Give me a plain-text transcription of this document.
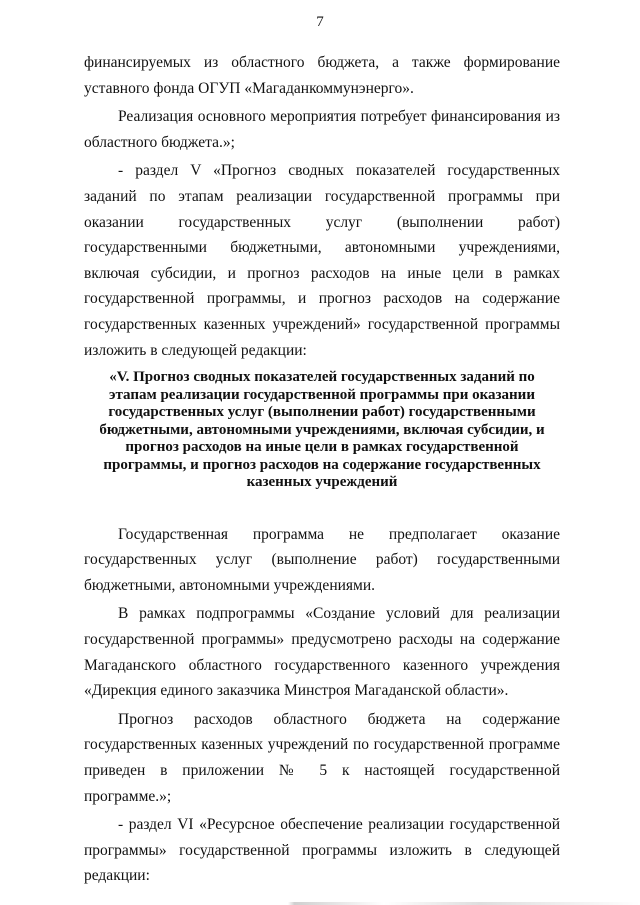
7

финансируемых из областного бюджета, а также формирование уставного фонда ОГУП «Магаданкоммунэнерго».

Реализация основного мероприятия потребует финансирования из областного бюджета.»;

- раздел V «Прогноз сводных показателей государственных заданий по этапам реализации государственной программы при оказании государственных услуг (выполнении работ) государственными бюджетными, автономными учреждениями, включая субсидии, и прогноз расходов на иные цели в рамках государственной программы, и прогноз расходов на содержание государственных казенных учреждений» государственной программы изложить в следующей редакции:

«V. Прогноз сводных показателей государственных заданий по этапам реализации государственной программы при оказании государственных услуг (выполнении работ) государственными бюджетными, автономными учреждениями, включая субсидии, и прогноз расходов на иные цели в рамках государственной программы, и прогноз расходов на содержание государственных казенных учреждений

Государственная программа не предполагает оказание государственных услуг (выполнение работ) государственными бюджетными, автономными учреждениями.

В рамках подпрограммы «Создание условий для реализации государственной программы» предусмотрено расходы на содержание Магаданского областного государственного казенного учреждения «Дирекция единого заказчика Минстроя Магаданской области».

Прогноз расходов областного бюджета на содержание государственных казенных учреждений по государственной программе приведен в приложении № 5 к настоящей государственной программе.»;

- раздел VI «Ресурсное обеспечение реализации государственной программы» государственной программы изложить в следующей редакции:
